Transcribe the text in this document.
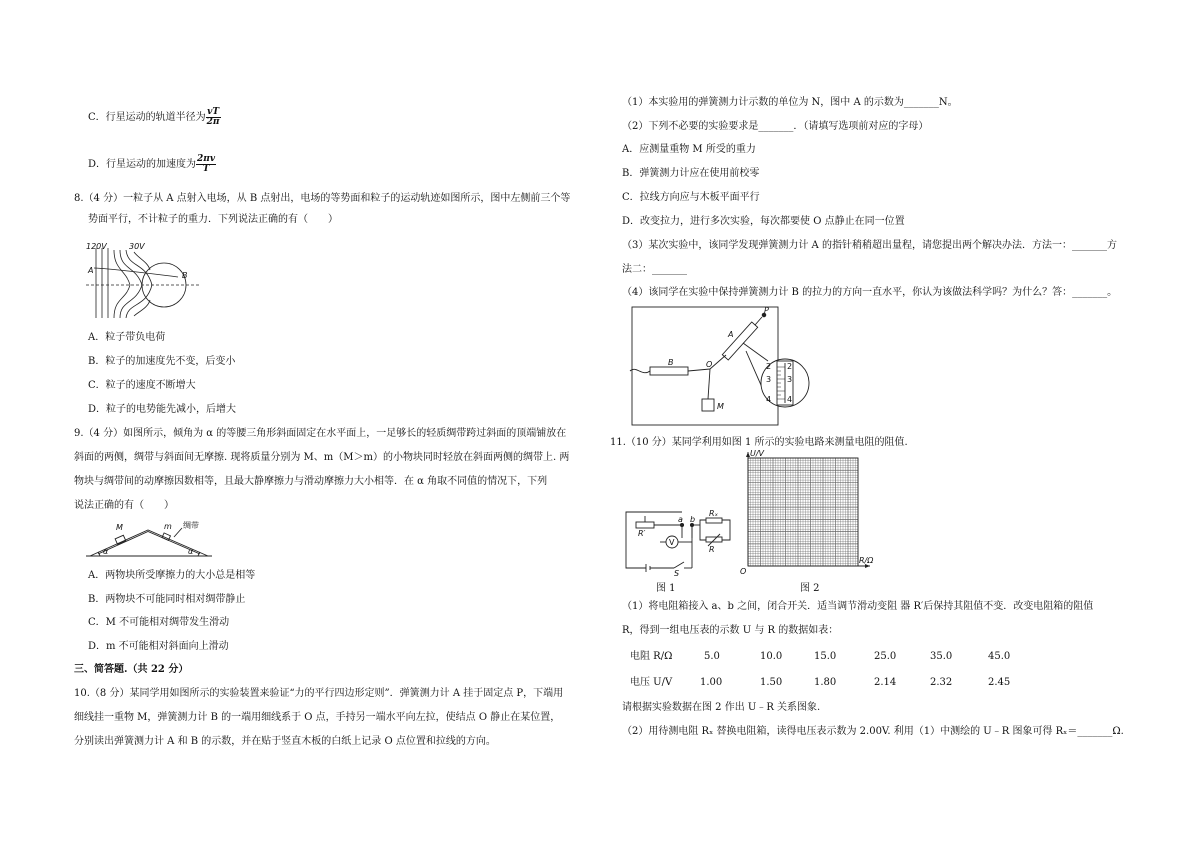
C．行星运动的轨道半径为 $\frac{vT}{2\pi}$
D．行星运动的加速度为 $\frac{2\pi v}{T}$
8.（4 分）一粒子从 A 点射入电场，从 B 点射出，电场的等势面和粒子的运动轨迹如图所示，图中左侧前三个等
势面平行，不计粒子的重力．下列说法正确的有（　　）
120V	30V
A
B
A．粒子带负电荷
B．粒子的加速度先不变，后变小
C．粒子的速度不断增大
D．粒子的电势能先减小，后增大
9.（4 分）如图所示，倾角为 α 的等腰三角形斜面固定在水平面上，一足够长的轻质绸带跨过斜面的顶端铺放在
斜面的两侧，绸带与斜面间无摩擦. 现将质量分别为 M、m（M＞m）的小物块同时轻放在斜面两侧的绸带上. 两
物块与绸带间的动摩擦因数相等，且最大静摩擦力与滑动摩擦力大小相等．在 α 角取不同值的情况下，下列
说法正确的有（　　）
M	m 绸带
α	α
A．两物块所受摩擦力的大小总是相等
B．两物块不可能同时相对绸带静止
C．M 不可能相对绸带发生滑动
D．m 不可能相对斜面向上滑动
三、简答题.（共 22 分）
10.（8 分）某同学用如图所示的实验装置来验证“力的平行四边形定则”．弹簧测力计 A 挂于固定点 P，下端用
细线挂一重物 M，弹簧测力计 B 的一端用细线系于 O 点，手持另一端水平向左拉，使结点 O 静止在某位置，
分别读出弹簧测力计 A 和 B 的示数，并在贴于竖直木板的白纸上记录 O 点位置和拉线的方向。
（1）本实验用的弹簧测力计示数的单位为 N，图中 A 的示数为_______N。
（2）下列不必要的实验要求是_______．（请填写选项前对应的字母）
A．应测量重物 M 所受的重力
B．弹簧测力计应在使用前校零
C．拉线方向应与木板平面平行
D．改变拉力，进行多次实验，每次都要使 O 点静止在同一位置
（3）某次实验中，该同学发现弹簧测力计 A 的指针稍稍超出量程，请您提出两个解决办法．方法一：_______方
法二：_______
（4）该同学在实验中保持弹簧测力计 B 的拉力的方向一直水平，你认为该做法科学吗？为什么？答：_______。
P
A
B	O
M
2
3
4
2
3
4
11.（10 分）某同学利用如图 1 所示的实验电路来测量电阻的阻值.
R′
a b
V
S
Rₓ
R
图 1
U/V
R/Ω
O
图 2
（1）将电阻箱接入 a、b 之间，闭合开关．适当调节滑动变阻 器 R′后保持其阻值不变．改变电阻箱的阻值
R，得到一组电压表的示数 U 与 R 的数据如表：
电阻 R/Ω	5.0	10.0	15.0	25.0	35.0	45.0
电压 U/V	1.00	1.50	1.80	2.14	2.32	2.45
请根据实验数据在图 2 作出 U﹣R 关系图象.
（2）用待测电阻 Rₓ 替换电阻箱，读得电压表示数为 2.00V. 利用（1）中测绘的 U﹣R 图象可得 Rₓ＝_______Ω.
